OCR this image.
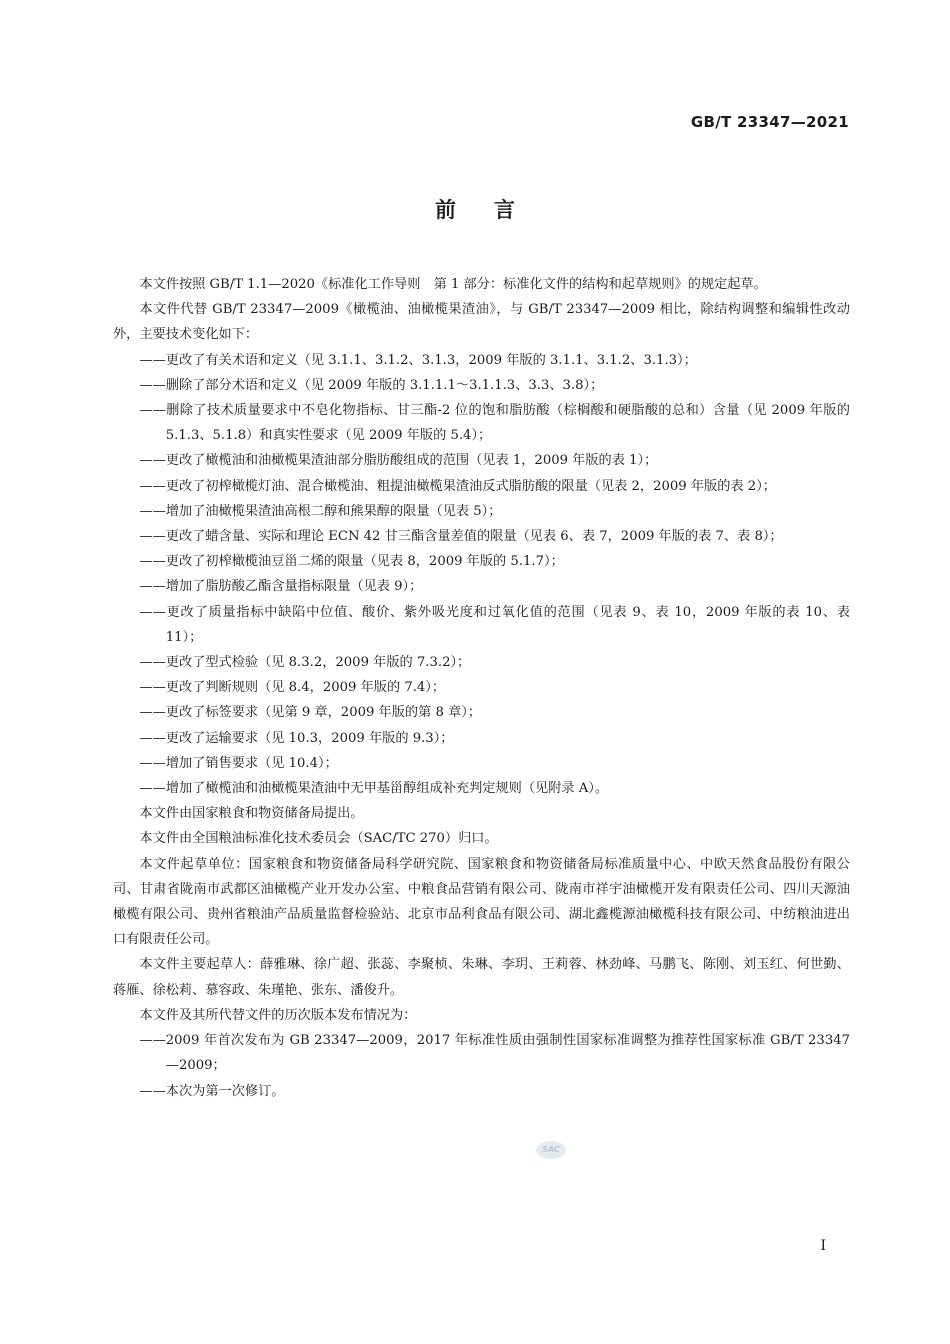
GB/T 23347—2021
前言

本文件按照 GB/T 1.1—2020《标准化工作导则　第 1 部分：标准化文件的结构和起草规则》的规定起草。

本文件代替 GB/T 23347—2009《橄榄油、油橄榄果渣油》，与 GB/T 23347—2009 相比，除结构调整和编辑性改动外，主要技术变化如下：

——更改了有关术语和定义（见 3.1.1、3.1.2、3.1.3，2009 年版的 3.1.1、3.1.2、3.1.3）；

——删除了部分术语和定义（见 2009 年版的 3.1.1.1～3.1.1.3、3.3、3.8）；

——删除了技术质量要求中不皂化物指标、甘三酯-2 位的饱和脂肪酸（棕榈酸和硬脂酸的总和）含量（见 2009 年版的 5.1.3、5.1.8）和真实性要求（见 2009 年版的 5.4）；

——更改了橄榄油和油橄榄果渣油部分脂肪酸组成的范围（见表 1，2009 年版的表 1）；

——更改了初榨橄榄灯油、混合橄榄油、粗提油橄榄果渣油反式脂肪酸的限量（见表 2，2009 年版的表 2）；

——增加了油橄榄果渣油高根二醇和熊果醇的限量（见表 5）；

——更改了蜡含量、实际和理论 ECN 42 甘三酯含量差值的限量（见表 6、表 7，2009 年版的表 7、表 8）；

——更改了初榨橄榄油豆甾二烯的限量（见表 8，2009 年版的 5.1.7）；

——增加了脂肪酸乙酯含量指标限量（见表 9）；

——更改了质量指标中缺陷中位值、酸价、紫外吸光度和过氧化值的范围（见表 9、表 10，2009 年版的表 10、表 11）；

——更改了型式检验（见 8.3.2，2009 年版的 7.3.2）；

——更改了判断规则（见 8.4，2009 年版的 7.4）；

——更改了标签要求（见第 9 章，2009 年版的第 8 章）；

——更改了运输要求（见 10.3，2009 年版的 9.3）；

——增加了销售要求（见 10.4）；

——增加了橄榄油和油橄榄果渣油中无甲基甾醇组成补充判定规则（见附录 A）。

本文件由国家粮食和物资储备局提出。

本文件由全国粮油标准化技术委员会（SAC/TC 270）归口。

本文件起草单位：国家粮食和物资储备局科学研究院、国家粮食和物资储备局标准质量中心、中欧天然食品股份有限公司、甘肃省陇南市武都区油橄榄产业开发办公室、中粮食品营销有限公司、陇南市祥宇油橄榄开发有限责任公司、四川天源油橄榄有限公司、贵州省粮油产品质量监督检验站、北京市品利食品有限公司、湖北鑫榄源油橄榄科技有限公司、中纺粮油进出口有限责任公司。

本文件主要起草人：薛雅琳、徐广超、张蕊、李聚桢、朱琳、李玥、王莉蓉、林劲峰、马鹏飞、陈刚、刘玉红、何世勤、蒋雁、徐松莉、慕容政、朱瑾艳、张东、潘俊升。

本文件及其所代替文件的历次版本发布情况为：

——2009 年首次发布为 GB 23347—2009，2017 年标准性质由强制性国家标准调整为推荐性国家标准 GB/T 23347—2009；

——本次为第一次修订。

SAC
I
